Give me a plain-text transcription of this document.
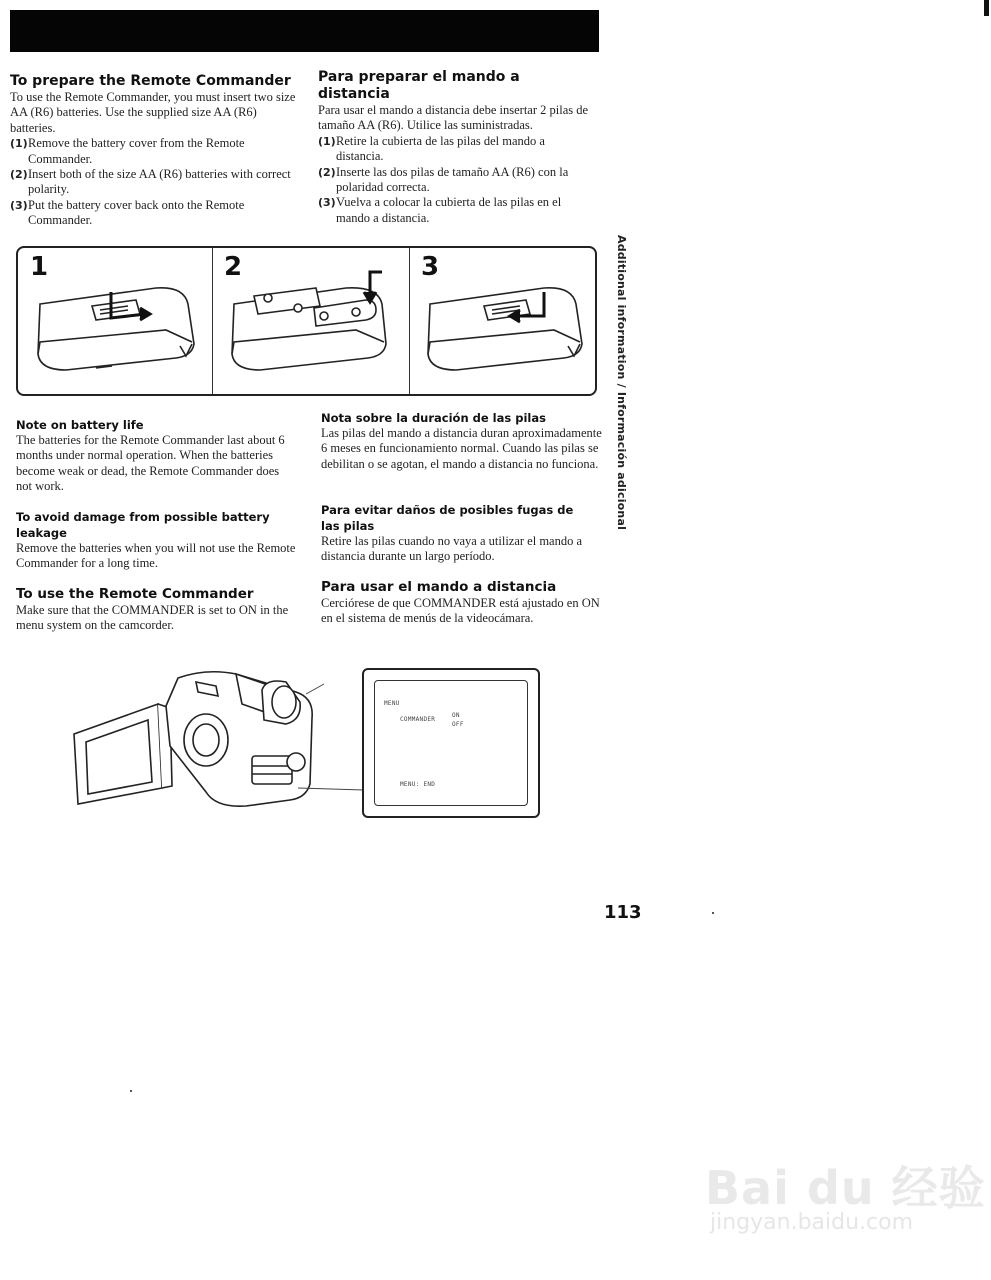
To prepare the Remote Commander
To use the Remote Commander, you must insert two size AA (R6) batteries. Use the supplied size AA (R6) batteries.
(1) Remove the battery cover from the Remote Commander.
(2) Insert both of the size AA (R6) batteries with correct polarity.
(3) Put the battery cover back onto the Remote Commander.
Para preparar el mando a distancia
Para usar el mando a distancia debe insertar 2 pilas de tamaño AA (R6). Utilice las suministradas.
(1) Retire la cubierta de las pilas del mando a distancia.
(2) Inserte las dos pilas de tamaño AA (R6) con la polaridad correcta.
(3) Vuelva a colocar la cubierta de las pilas en el mando a distancia.
Additional information / Información adicional
1	2	3
Note on battery life
The batteries for the Remote Commander last about 6 months under normal operation. When the batteries become weak or dead, the Remote Commander does not work.
To avoid damage from possible battery leakage
Remove the batteries when you will not use the Remote Commander for a long time.
To use the Remote Commander
Make sure that the COMMANDER is set to ON in the menu system on the camcorder.
Nota sobre la duración de las pilas
Las pilas del mando a distancia duran aproximadamente 6 meses en funcionamiento normal. Cuando las pilas se debilitan o se agotan, el mando a distancia no funciona.
Para evitar daños de posibles fugas de las pilas
Retire las pilas cuando no vaya a utilizar el mando a distancia durante un largo período.
Para usar el mando a distancia
Cerciórese de que COMMANDER está ajustado en ON en el sistema de menús de la videocámara.
MENU
COMMANDER
ON
OFF
MENU: END
113
Bai du 经验
jingyan.baidu.com
